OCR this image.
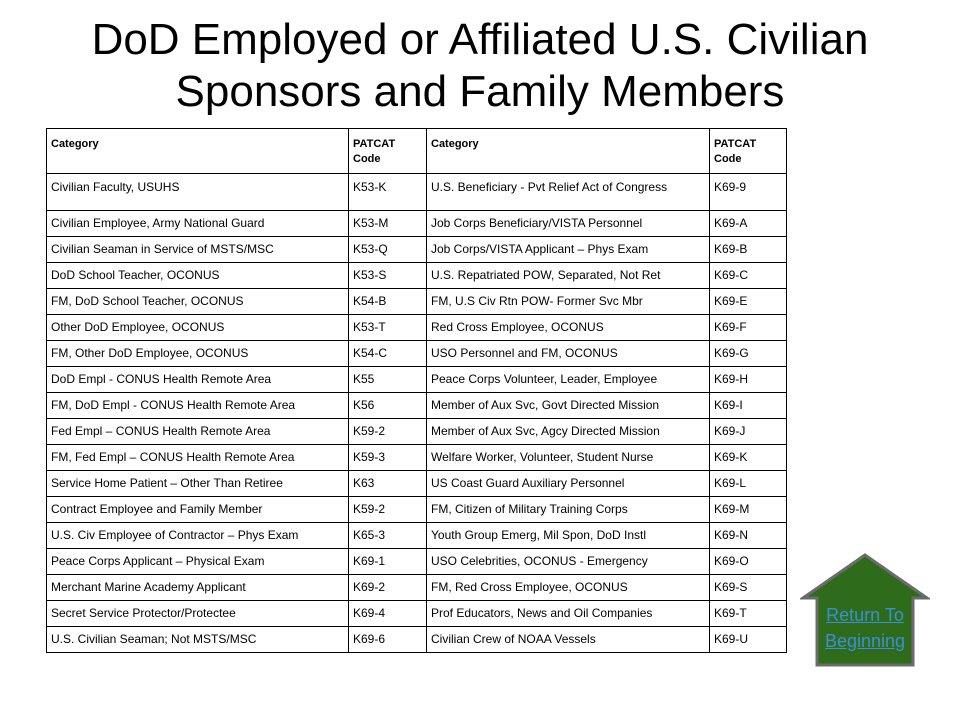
DoD Employed or Affiliated U.S. Civilian
Sponsors and Family Members
Category	PATCAT Code	Category	PATCAT Code
Civilian Faculty, USUHS	K53-K	U.S. Beneficiary - Pvt Relief Act of Congress	K69-9
Civilian Employee, Army National Guard	K53-M	Job Corps Beneficiary/VISTA Personnel	K69-A
Civilian Seaman in Service of MSTS/MSC	K53-Q	Job Corps/VISTA Applicant – Phys Exam	K69-B
DoD School Teacher, OCONUS	K53-S	U.S. Repatriated POW, Separated, Not Ret	K69-C
FM, DoD School Teacher, OCONUS	K54-B	FM, U.S Civ Rtn POW- Former Svc Mbr	K69-E
Other DoD Employee, OCONUS	K53-T	Red Cross Employee, OCONUS	K69-F
FM, Other DoD Employee, OCONUS	K54-C	USO Personnel and FM, OCONUS	K69-G
DoD Empl - CONUS Health Remote Area	K55	Peace Corps Volunteer, Leader, Employee	K69-H
FM, DoD Empl - CONUS Health Remote Area	K56	Member of Aux Svc, Govt Directed Mission	K69-I
Fed Empl – CONUS Health Remote Area	K59-2	Member of Aux Svc, Agcy Directed Mission	K69-J
FM, Fed Empl – CONUS Health Remote Area	K59-3	Welfare Worker, Volunteer, Student Nurse	K69-K
Service Home Patient – Other Than Retiree	K63	US Coast Guard Auxiliary Personnel	K69-L
Contract Employee and Family Member	K59-2	FM, Citizen of Military Training Corps	K69-M
U.S. Civ Employee of Contractor – Phys Exam	K65-3	Youth Group Emerg, Mil Spon, DoD Instl	K69-N
Peace Corps Applicant – Physical Exam	K69-1	USO Celebrities, OCONUS - Emergency	K69-O
Merchant Marine Academy Applicant	K69-2	FM, Red Cross Employee, OCONUS	K69-S
Secret Service Protector/Protectee	K69-4	Prof Educators, News and Oil Companies	K69-T
U.S. Civilian Seaman; Not MSTS/MSC	K69-6	Civilian Crew of NOAA Vessels	K69-U
Return To
Beginning
